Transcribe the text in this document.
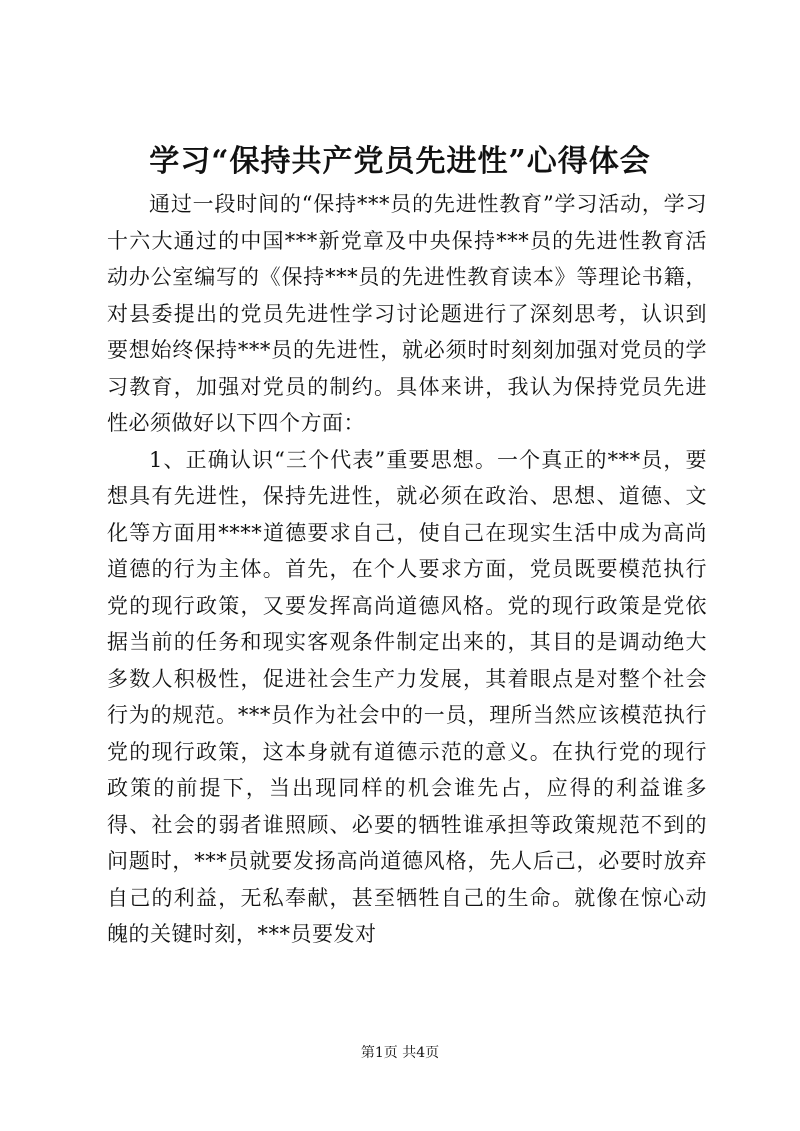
学习“保持共产党员先进性”心得体会

通过一段时间的“保持***员的先进性教育”学习活动，学习十六大通过的中国***新党章及中央保持***员的先进性教育活动办公室编写的《保持***员的先进性教育读本》等理论书籍，对县委提出的党员先进性学习讨论题进行了深刻思考，认识到要想始终保持***员的先进性，就必须时时刻刻加强对党员的学习教育，加强对党员的制约。具体来讲，我认为保持党员先进性必须做好以下四个方面：

1、正确认识“三个代表”重要思想。一个真正的***员，要想具有先进性，保持先进性，就必须在政治、思想、道德、文化等方面用****道德要求自己，使自己在现实生活中成为高尚道德的行为主体。首先，在个人要求方面，党员既要模范执行党的现行政策，又要发挥高尚道德风格。党的现行政策是党依据当前的任务和现实客观条件制定出来的，其目的是调动绝大多数人积极性，促进社会生产力发展，其着眼点是对整个社会行为的规范。***员作为社会中的一员，理所当然应该模范执行党的现行政策，这本身就有道德示范的意义。在执行党的现行政策的前提下，当出现同样的机会谁先占，应得的利益谁多得、社会的弱者谁照顾、必要的牺牲谁承担等政策规范不到的问题时，***员就要发扬高尚道德风格，先人后己，必要时放弃自己的利益，无私奉献，甚至牺牲自己的生命。就像在惊心动魄的关键时刻，***员要发对

第1页 共4页
